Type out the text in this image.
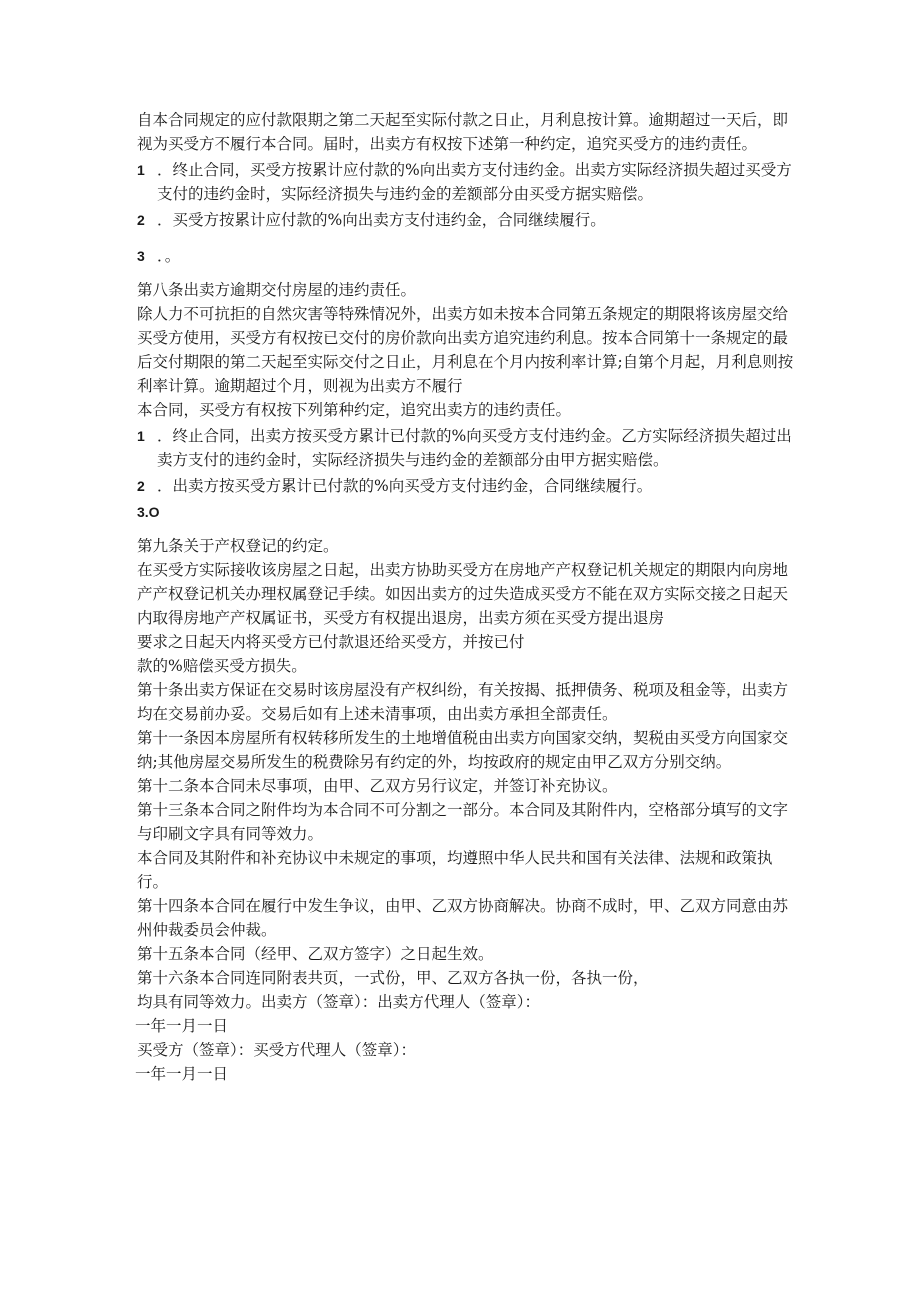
自本合同规定的应付款限期之第二天起至实际付款之日止，月利息按计算。逾期超过一天后，即视为买受方不履行本合同。届时，出卖方有权按下述第一种约定，追究买受方的违约责任。

1 ．终止合同，买受方按累计应付款的%向出卖方支付违约金。出卖方实际经济损失超过买受方支付的违约金时，实际经济损失与违约金的差额部分由买受方据实赔偿。
2 ．买受方按累计应付款的%向出卖方支付违约金，合同继续履行。
3 ．。

第八条出卖方逾期交付房屋的违约责任。

除人力不可抗拒的自然灾害等特殊情况外，出卖方如未按本合同第五条规定的期限将该房屋交给买受方使用，买受方有权按已交付的房价款向出卖方追究违约利息。按本合同第十一条规定的最后交付期限的第二天起至实际交付之日止，月利息在个月内按利率计算;自第个月起，月利息则按利率计算。逾期超过个月，则视为出卖方不履行

本合同，买受方有权按下列第种约定，追究出卖方的违约责任。

1 ．终止合同，出卖方按买受方累计已付款的%向买受方支付违约金。乙方实际经济损失超过出卖方支付的违约金时，实际经济损失与违约金的差额部分由甲方据实赔偿。
2 ．出卖方按买受方累计已付款的%向买受方支付违约金，合同继续履行。
3.O

第九条关于产权登记的约定。

在买受方实际接收该房屋之日起，出卖方协助买受方在房地产产权登记机关规定的期限内向房地产产权登记机关办理权属登记手续。如因出卖方的过失造成买受方不能在双方实际交接之日起天内取得房地产产权属证书，买受方有权提出退房，出卖方须在买受方提出退房

要求之日起天内将买受方已付款退还给买受方，并按已付

款的%赔偿买受方损失。

第十条出卖方保证在交易时该房屋没有产权纠纷，有关按揭、抵押债务、税项及租金等，出卖方均在交易前办妥。交易后如有上述未清事项，由出卖方承担全部责任。

第十一条因本房屋所有权转移所发生的土地增值税由出卖方向国家交纳，契税由买受方向国家交纳;其他房屋交易所发生的税费除另有约定的外，均按政府的规定由甲乙双方分别交纳。

第十二条本合同未尽事项，由甲、乙双方另行议定，并签订补充协议。

第十三条本合同之附件均为本合同不可分割之一部分。本合同及其附件内，空格部分填写的文字与印刷文字具有同等效力。

本合同及其附件和补充协议中未规定的事项，均遵照中华人民共和国有关法律、法规和政策执行。

第十四条本合同在履行中发生争议，由甲、乙双方协商解决。协商不成时，甲、乙双方同意由苏州仲裁委员会仲裁。

第十五条本合同（经甲、乙双方签字）之日起生效。

第十六条本合同连同附表共页，一式份，甲、乙双方各执一份，各执一份，

均具有同等效力。出卖方（签章）：出卖方代理人（签章）：

一年一月一日

买受方（签章）：买受方代理人（签章）：

一年一月一日
